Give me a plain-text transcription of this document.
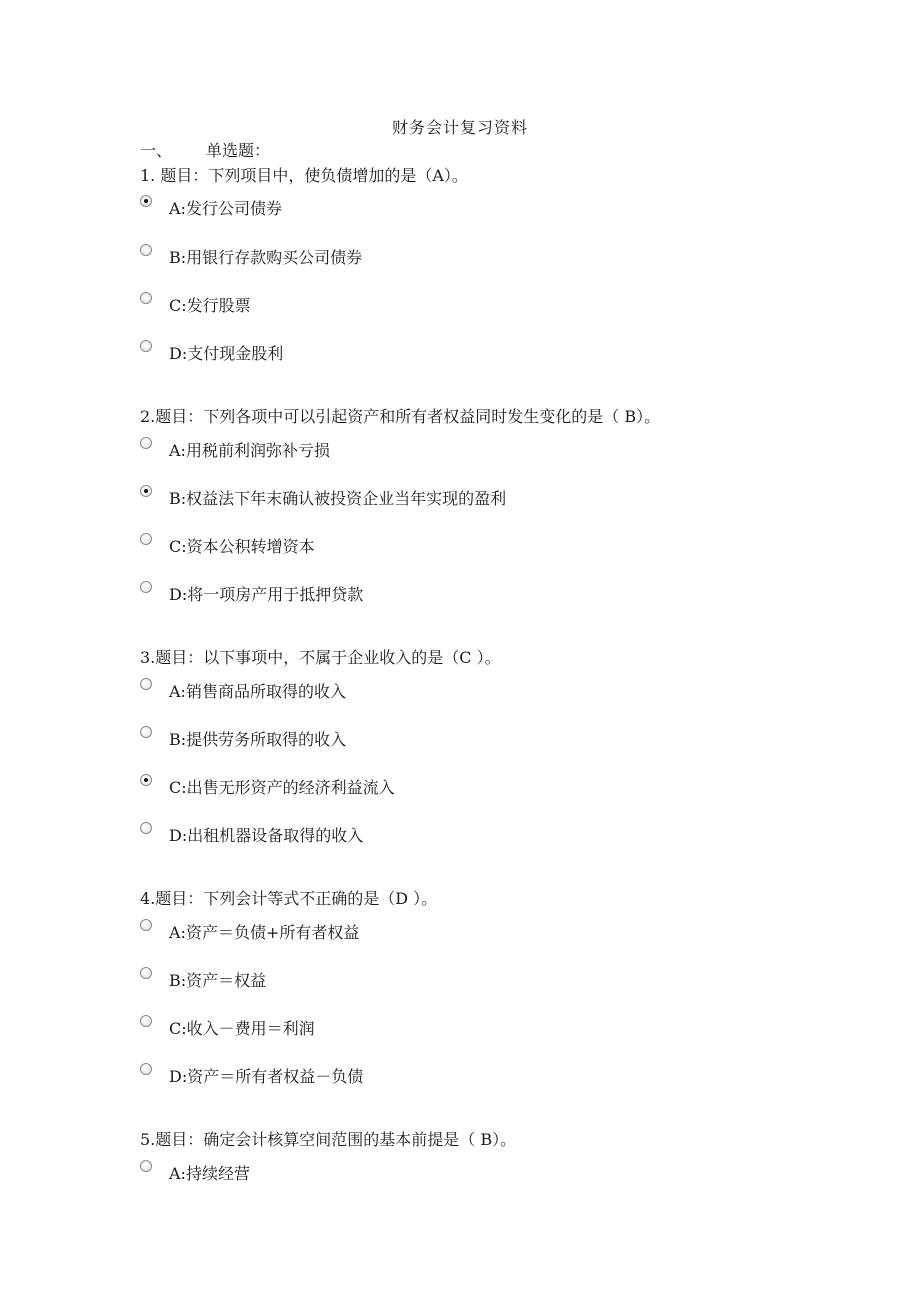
财务会计复习资料
一、 单选题：
1. 题目：下列项目中，使负债增加的是（A）。
A:发行公司债券
B:用银行存款购买公司债券
C:发行股票
D:支付现金股利
2.题目：下列各项中可以引起资产和所有者权益同时发生变化的是（ B）。
A:用税前利润弥补亏损
B:权益法下年末确认被投资企业当年实现的盈利
C:资本公积转增资本
D:将一项房产用于抵押贷款
3.题目：以下事项中，不属于企业收入的是（C ）。
A:销售商品所取得的收入
B:提供劳务所取得的收入
C:出售无形资产的经济利益流入
D:出租机器设备取得的收入
4.题目：下列会计等式不正确的是（D ）。
A:资产＝负债+所有者权益
B:资产＝权益
C:收入－费用＝利润
D:资产＝所有者权益－负债
5.题目：确定会计核算空间范围的基本前提是（ B）。
A:持续经营
